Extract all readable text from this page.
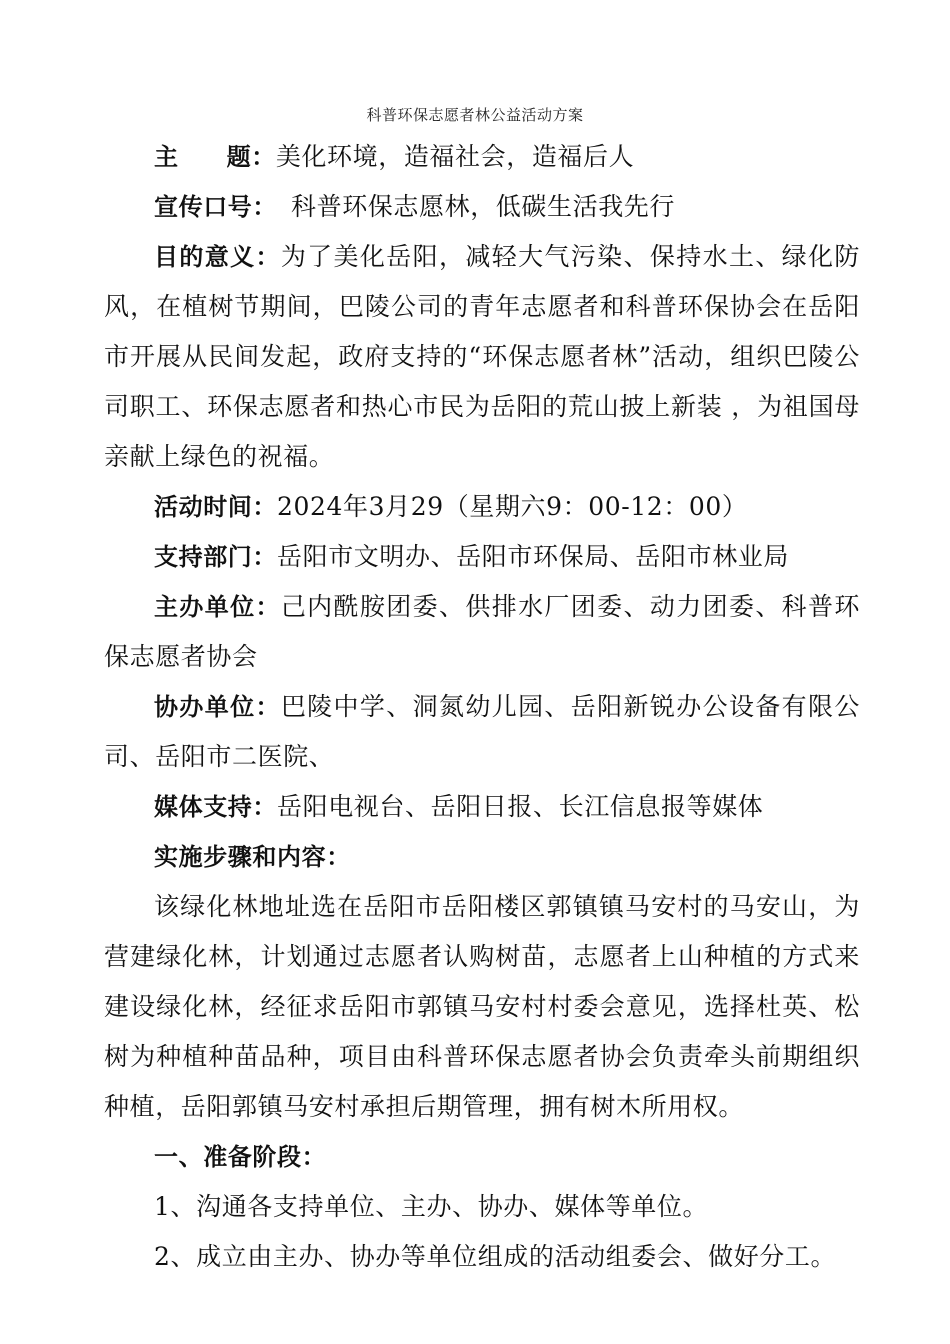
科普环保志愿者林公益活动方案

主 题：美化环境，造福社会，造福后人

宣传口号： 科普环保志愿林，低碳生活我先行

目的意义：为了美化岳阳，减轻大气污染、保持水土、绿化防风，在植树节期间，巴陵公司的青年志愿者和科普环保协会在岳阳市开展从民间发起，政府支持的“环保志愿者林”活动，组织巴陵公司职工、环保志愿者和热心市民为岳阳的荒山披上新装 ，为祖国母亲献上绿色的祝福。

活动时间：2024年3月29（星期六9：00-12：00）

支持部门：岳阳市文明办、岳阳市环保局、岳阳市林业局

主办单位：己内酰胺团委、供排水厂团委、动力团委、科普环保志愿者协会

协办单位：巴陵中学、洞氮幼儿园、岳阳新锐办公设备有限公司、岳阳市二医院、

媒体支持：岳阳电视台、岳阳日报、长江信息报等媒体

实施步骤和内容：

该绿化林地址选在岳阳市岳阳楼区郭镇镇马安村的马安山，为营建绿化林，计划通过志愿者认购树苗，志愿者上山种植的方式来建设绿化林，经征求岳阳市郭镇马安村村委会意见，选择杜英、松树为种植种苗品种，项目由科普环保志愿者协会负责牵头前期组织种植，岳阳郭镇马安村承担后期管理，拥有树木所用权。

一、准备阶段：

1、沟通各支持单位、主办、协办、媒体等单位。

2、成立由主办、协办等单位组成的活动组委会、做好分工。
